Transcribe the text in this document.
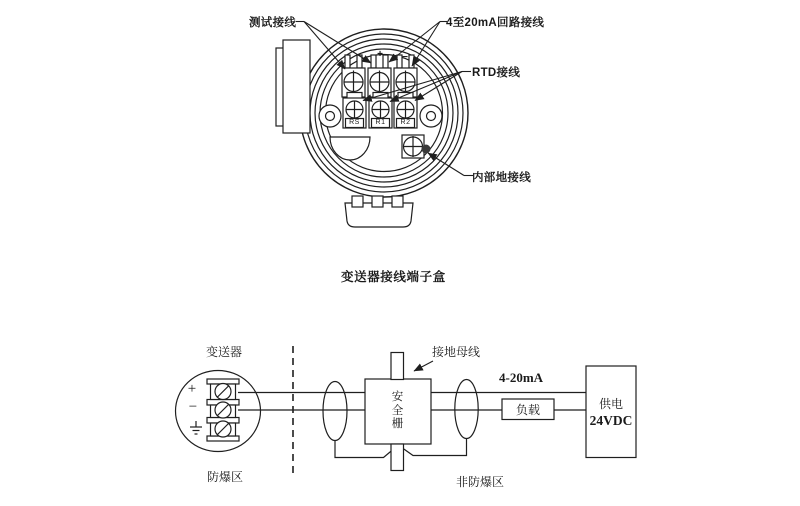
测试接线	4至20mA回路接线
RTD接线
内部地接线
+	−
RS	R1	R2
变送器接线端子盒
变送器
+
−
防爆区
接地母线
安全栅
4-20mA
负载	供电
24VDC
非防爆区
